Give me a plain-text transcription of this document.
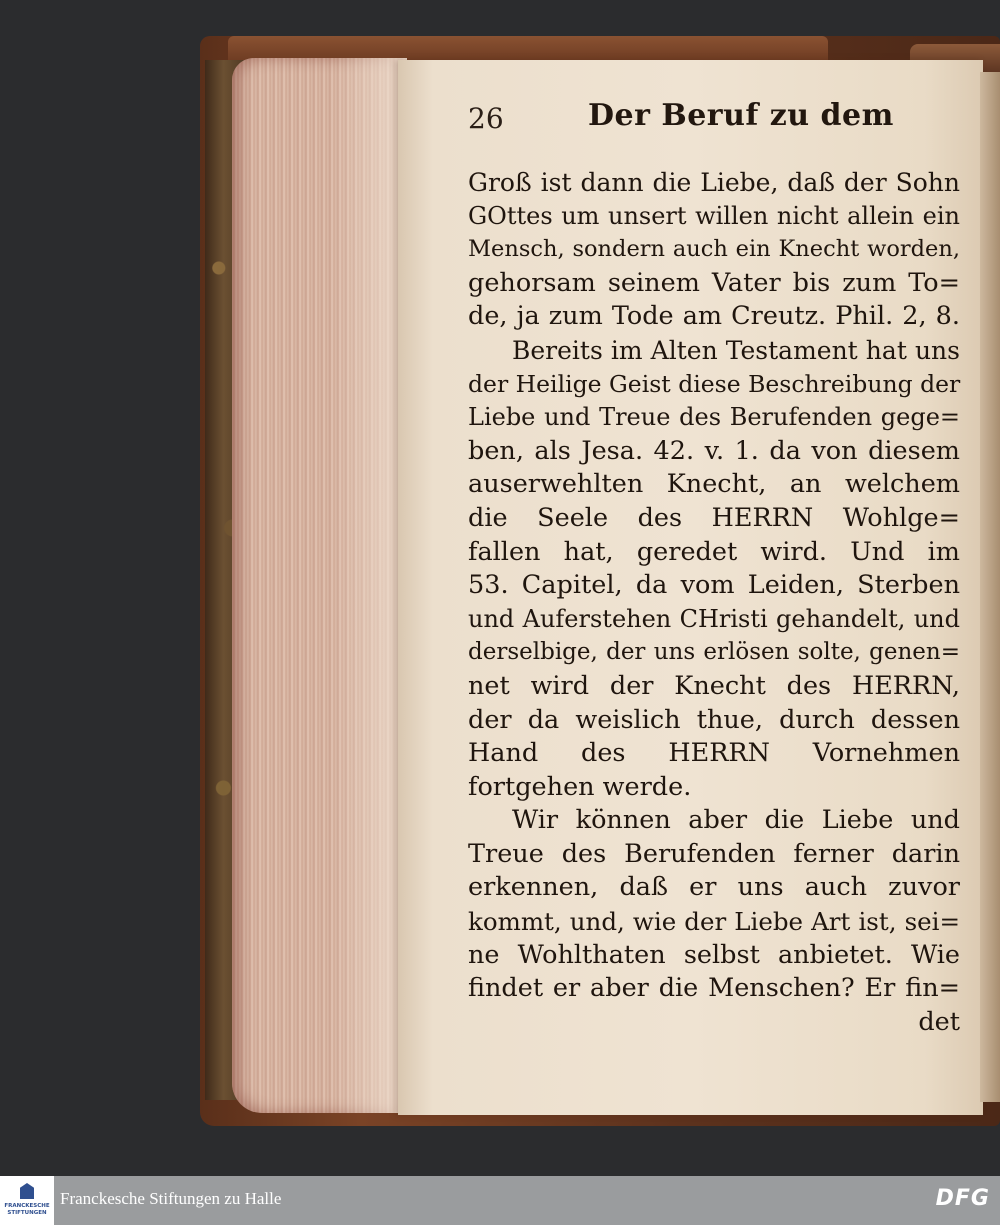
26	Der Beruf zu dem
Groß ist dann die Liebe, daß der Sohn
GOttes um unsert willen nicht allein ein
Mensch, sondern auch ein Knecht worden,
gehorsam seinem Vater bis zum To=
de, ja zum Tode am Creutz. Phil. 2, 8.
Bereits im Alten Testament hat uns
der Heilige Geist diese Beschreibung der
Liebe und Treue des Berufenden gege=
ben, als Jesa. 42. v. 1. da von diesem
auserwehlten Knecht, an welchem
die Seele des HERRN Wohlge=
fallen hat, geredet wird. Und im
53. Capitel, da vom Leiden, Sterben
und Auferstehen CHristi gehandelt, und
derselbige, der uns erlösen solte, genen=
net wird der Knecht des HERRN,
der da weislich thue, durch dessen
Hand des HERRN Vornehmen
fortgehen werde.
Wir können aber die Liebe und
Treue des Berufenden ferner darin
erkennen, daß er uns auch zuvor
kommt, und, wie der Liebe Art ist, sei=
ne Wohlthaten selbst anbietet. Wie
findet er aber die Menschen? Er fin=
det
FRANCKESCHE STIFTUNGEN
Franckesche Stiftungen zu Halle	DFG
